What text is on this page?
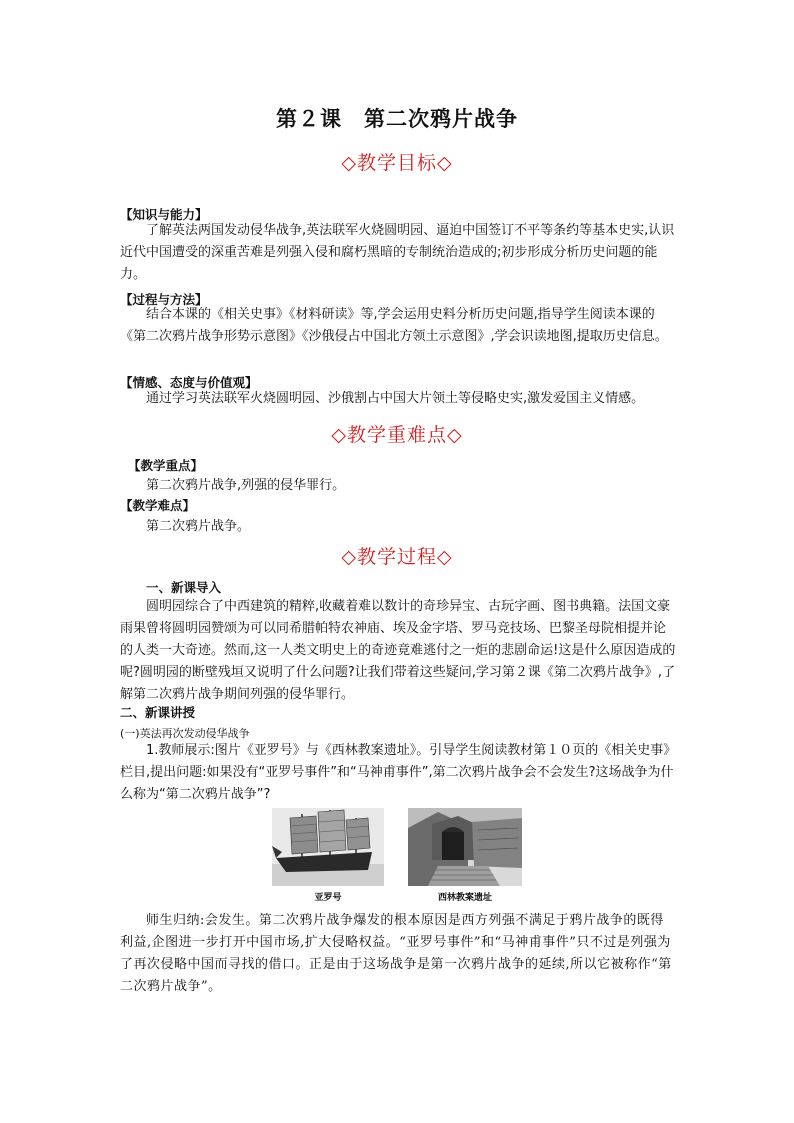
第２课　第二次鸦片战争
◇教学目标◇
【知识与能力】
了解英法两国发动侵华战争,英法联军火烧圆明园、逼迫中国签订不平等条约等基本史实,认识近代中国遭受的深重苦难是列强入侵和腐朽黑暗的专制统治造成的;初步形成分析历史问题的能力。
【过程与方法】
结合本课的《相关史事》《材料研读》等,学会运用史料分析历史问题,指导学生阅读本课的《第二次鸦片战争形势示意图》《沙俄侵占中国北方领土示意图》,学会识读地图,提取历史信息。
【情感、态度与价值观】
通过学习英法联军火烧圆明园、沙俄割占中国大片领土等侵略史实,激发爱国主义情感。
◇教学重难点◇
【教学重点】
第二次鸦片战争,列强的侵华罪行。
【教学难点】
第二次鸦片战争。
◇教学过程◇
一、新课导入
圆明园综合了中西建筑的精粹,收藏着难以数计的奇珍异宝、古玩字画、图书典籍。法国文豪雨果曾将圆明园赞颂为可以同希腊帕特农神庙、埃及金字塔、罗马竞技场、巴黎圣母院相提并论的人类一大奇迹。然而,这一人类文明史上的奇迹竟难逃付之一炬的悲剧命运!这是什么原因造成的呢?圆明园的断壁残垣又说明了什么问题?让我们带着这些疑问,学习第２课《第二次鸦片战争》,了解第二次鸦片战争期间列强的侵华罪行。
二、新课讲授
(一)英法再次发动侵华战争
1.教师展示:图片《亚罗号》与《西林教案遗址》。引导学生阅读教材第１０页的《相关史事》栏目,提出问题:如果没有“亚罗号事件”和“马神甫事件”,第二次鸦片战争会不会发生?这场战争为什么称为“第二次鸦片战争”?
亚罗号	西林教案遗址
师生归纳:会发生。第二次鸦片战争爆发的根本原因是西方列强不满足于鸦片战争的既得利益,企图进一步打开中国市场,扩大侵略权益。“亚罗号事件”和“马神甫事件”只不过是列强为了再次侵略中国而寻找的借口。正是由于这场战争是第一次鸦片战争的延续,所以它被称作“第二次鸦片战争”。
